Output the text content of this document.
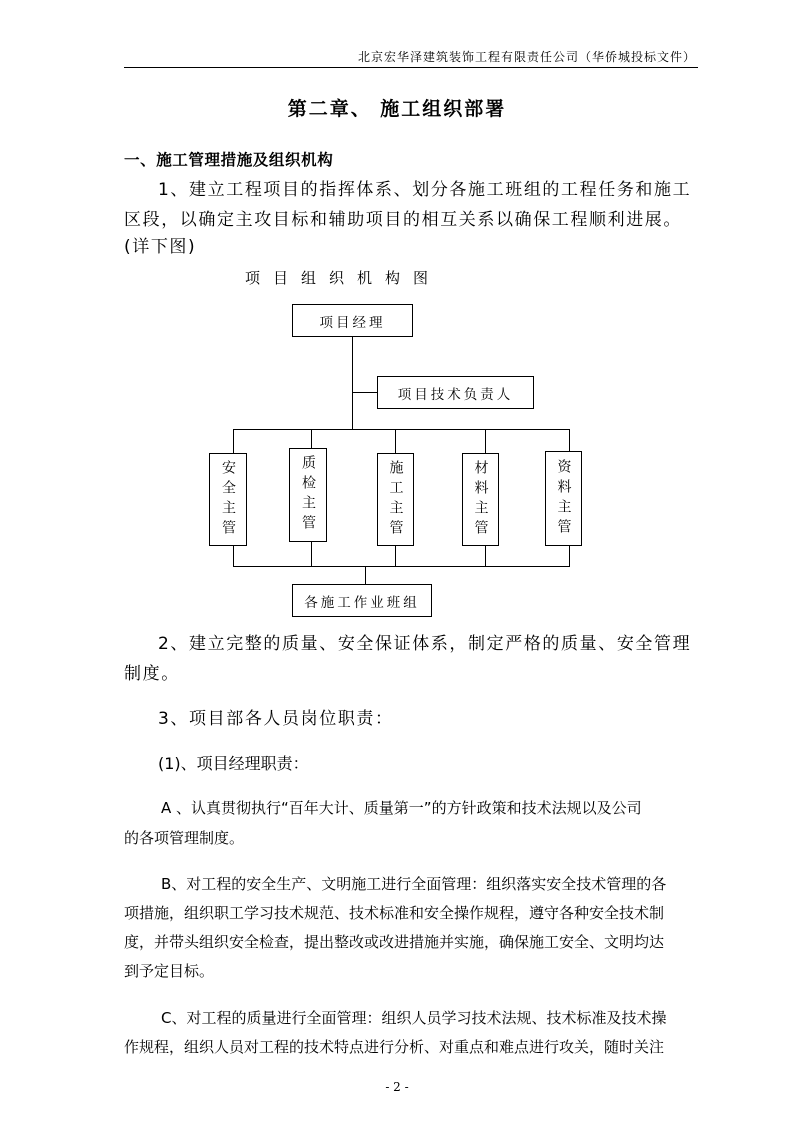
北京宏华泽建筑装饰工程有限责任公司（华侨城投标文件）
第二章、 施工组织部署
一、施工管理措施及组织机构
1、建立工程项目的指挥体系、划分各施工班组的工程任务和施工
区段，以确定主攻目标和辅助项目的相互关系以确保工程顺利进展。
(详下图)
项目组织机构图
项目经理
项目技术负责人
安全主管	质检主管	施工主管	材料主管	资料主管
各施工作业班组
2、建立完整的质量、安全保证体系，制定严格的质量、安全管理
制度。
3、项目部各人员岗位职责：
(1)、项目经理职责：
A 、认真贯彻执行“百年大计、质量第一”的方针政策和技术法规以及公司
的各项管理制度。
B、对工程的安全生产、文明施工进行全面管理：组织落实安全技术管理的各
项措施，组织职工学习技术规范、技术标准和安全操作规程，遵守各种安全技术制
度，并带头组织安全检查，提出整改或改进措施并实施，确保施工安全、文明均达
到予定目标。
C、对工程的质量进行全面管理：组织人员学习技术法规、技术标准及技术操
作规程，组织人员对工程的技术特点进行分析、对重点和难点进行攻关，随时关注
- 2 -
